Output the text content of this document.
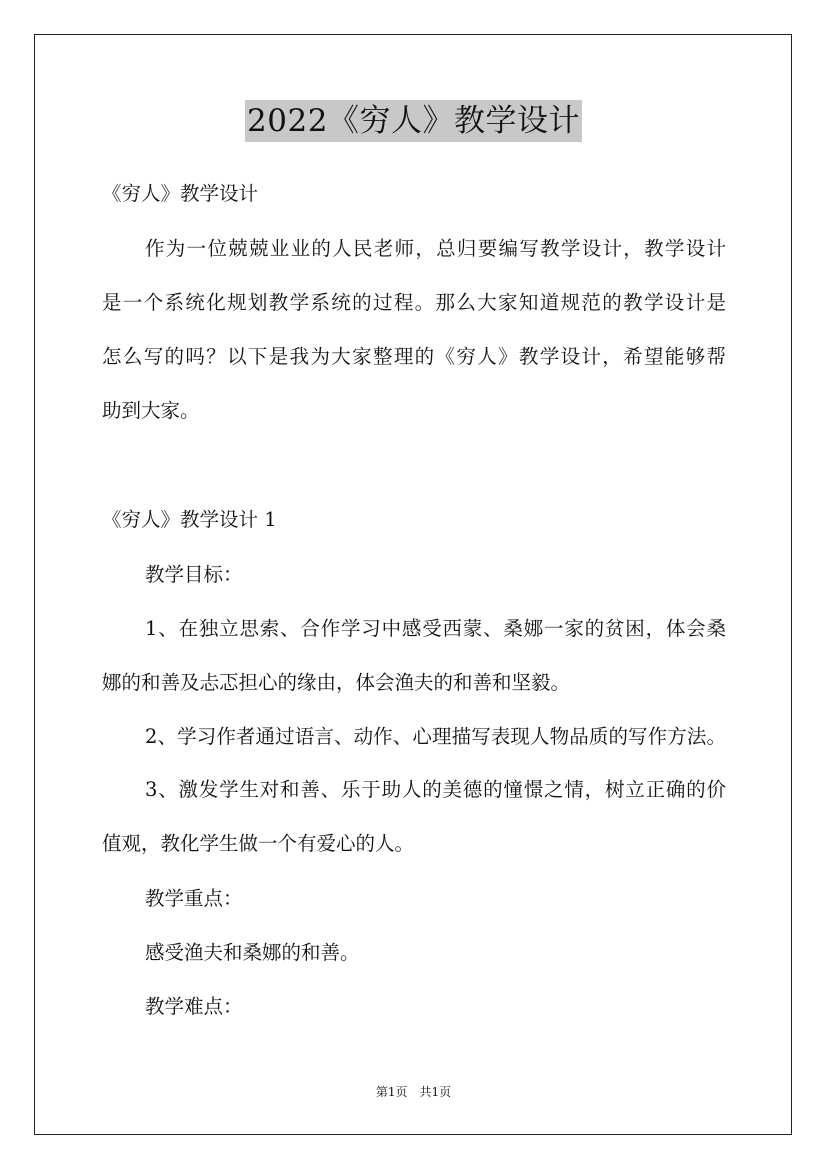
2022《穷人》教学设计
《穷人》教学设计
作为一位兢兢业业的人民老师，总归要编写教学设计，教学设计
是一个系统化规划教学系统的过程。那么大家知道规范的教学设计是
怎么写的吗？以下是我为大家整理的《穷人》教学设计，希望能够帮
助到大家。
《穷人》教学设计 1
教学目标：
1、在独立思索、合作学习中感受西蒙、桑娜一家的贫困，体会桑
娜的和善及忐忑担心的缘由，体会渔夫的和善和坚毅。
2、学习作者通过语言、动作、心理描写表现人物品质的写作方法。
3、激发学生对和善、乐于助人的美德的憧憬之情，树立正确的价
值观，教化学生做一个有爱心的人。
教学重点：
感受渔夫和桑娜的和善。
教学难点：
第1页　共1页
